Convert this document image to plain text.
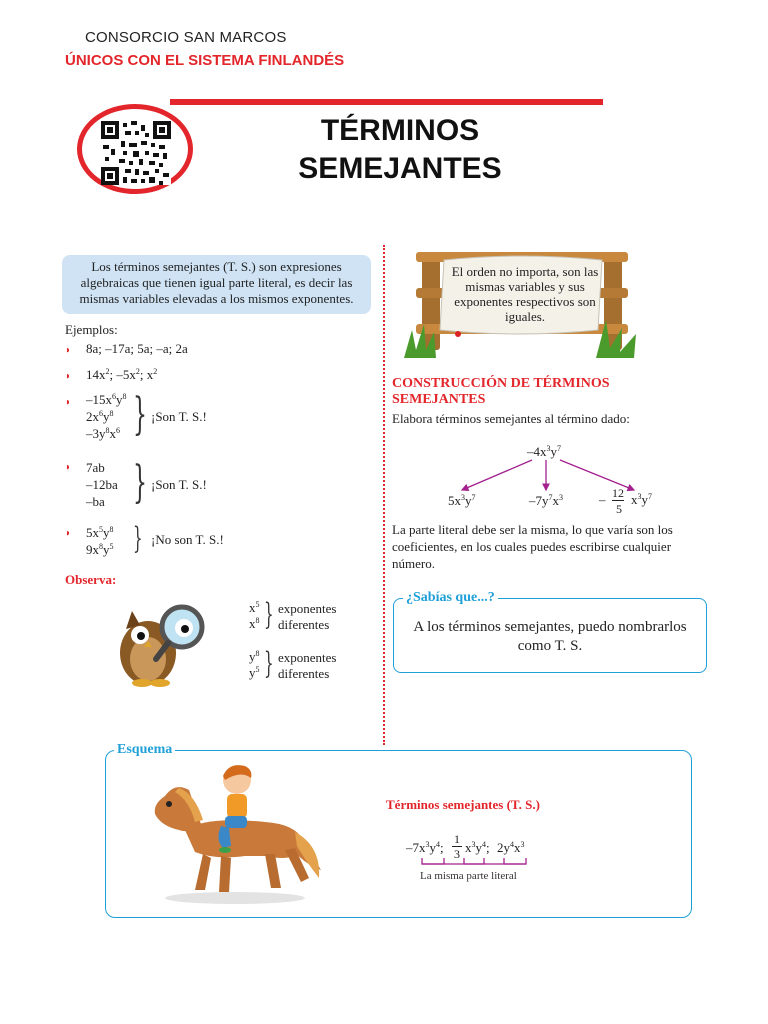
CONSORCIO SAN MARCOS
ÚNICOS CON EL SISTEMA FINLANDÉS
TÉRMINOS
SEMEJANTES
Los términos semejantes (T. S.) son expresiones algebraicas que tienen igual parte literal, es decir las mismas variables elevadas a los mismos exponentes.
Ejemplos:
◗ 8a; –17a; 5a; –a; 2a
◗ $14x^2$; $-5x^2$; $x^2$
◗ $-15x^6y^8$
$2x^6y^8$
$-3y^8x^6$ } ¡Son T. S.!
◗ 7ab
–12ba
–ba } ¡Son T. S.!
◗ $5x^5y^8$
$9x^8y^5$ } ¡No son T. S.!
Observa:
$x^5$
$x^8$ } exponentes
diferentes
$y^8$
$y^5$ } exponentes
diferentes
El orden no importa, son las mismas variables y sus exponentes respectivos son iguales.
CONSTRUCCIÓN DE TÉRMINOS SEMEJANTES
Elabora términos semejantes al término dado:
$-4x^3y^7$
$5x^3y^7$	$-7y^7x^3$	– 12
5
$x^3y^7$
La parte literal debe ser la misma, lo que varía son los coeficientes, en los cuales puedes escribirse cualquier número.
¿Sabías que...?
A los términos semejantes, puedo nombrarlos como T. S.
Esquema
Términos semejantes (T. S.)
$-7x^3y^4$;
1
3 $x^3y^4$; $2y^4x^3$
La misma parte literal
